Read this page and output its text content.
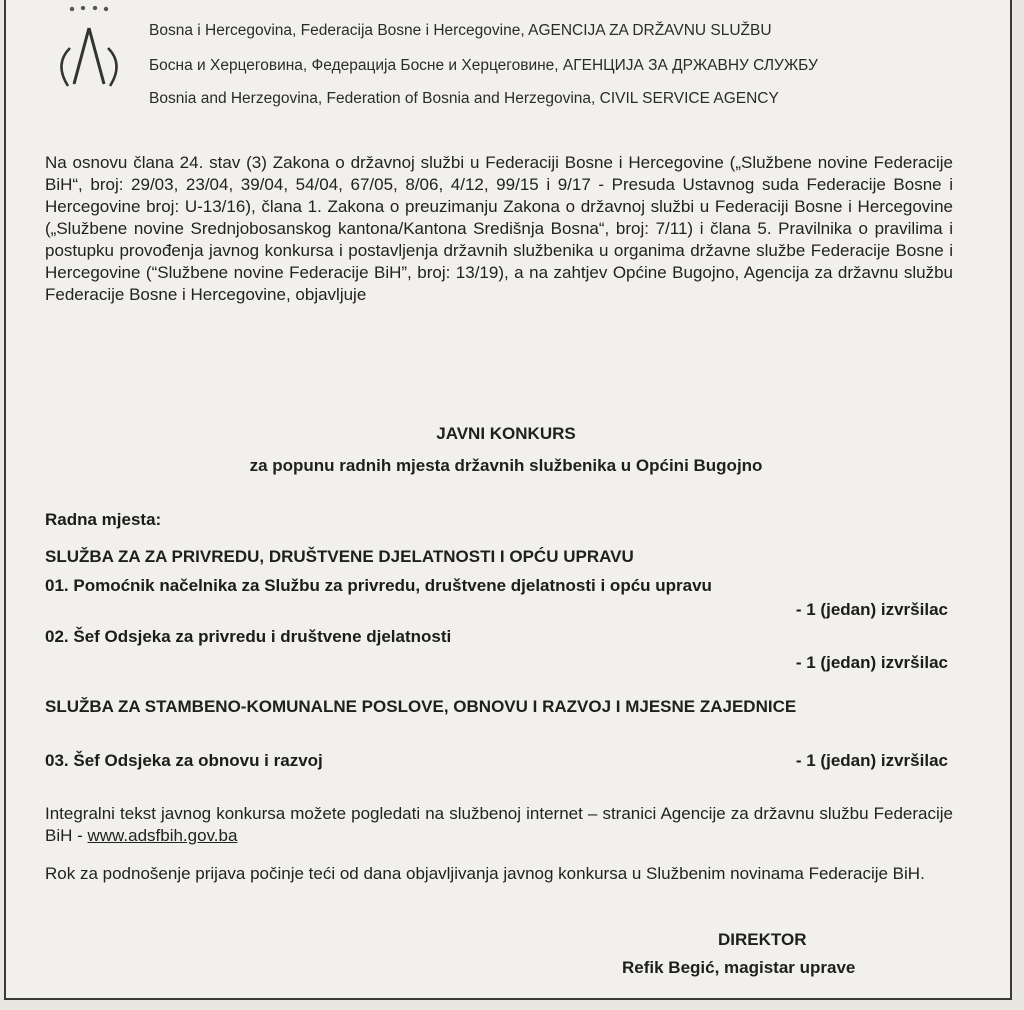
Bosna i Hercegovina, Federacija Bosne i Hercegovine, AGENCIJA ZA DRŽAVNU SLUŽBU
Босна и Херцеговина, Федерација Босне и Херцеговине, АГЕНЦИЈА ЗА ДРЖАВНУ СЛУЖБУ
Bosnia and Herzegovina, Federation of Bosnia and Herzegovina, CIVIL SERVICE AGENCY
Na osnovu člana 24. stav (3) Zakona o državnoj službi u Federaciji Bosne i Hercegovine („Službene novine Federacije BiH“, broj: 29/03, 23/04, 39/04, 54/04, 67/05, 8/06, 4/12, 99/15 i 9/17 - Presuda Ustavnog suda Federacije Bosne i Hercegovine broj: U-13/16), člana 1. Zakona o preuzimanju Zakona o državnoj službi u Federaciji Bosne i Hercegovine („Službene novine Srednjobosanskog kantona/Kantona Središnja Bosna“, broj: 7/11) i člana 5. Pravilnika o pravilima i postupku provođenja javnog konkursa i postavljenja državnih službenika u organima državne službe Federacije Bosne i Hercegovine (“Službene novine Federacije BiH”, broj: 13/19), a na zahtjev Općine Bugojno, Agencija za državnu službu Federacije Bosne i Hercegovine, objavljuje
JAVNI KONKURS
za popunu radnih mjesta državnih službenika u Općini Bugojno
Radna mjesta:
SLUŽBA ZA ZA PRIVREDU, DRUŠTVENE DJELATNOSTI I OPĆU UPRAVU
01. Pomoćnik načelnika za Službu za privredu, društvene djelatnosti i opću upravu
- 1 (jedan) izvršilac
02. Šef Odsjeka za privredu i društvene djelatnosti
- 1 (jedan) izvršilac
SLUŽBA ZA STAMBENO-KOMUNALNE POSLOVE, OBNOVU I RAZVOJ I MJESNE ZAJEDNICE
03. Šef Odsjeka za obnovu i razvoj	- 1 (jedan) izvršilac
Integralni tekst javnog konkursa možete pogledati na službenoj internet – stranici Agencije za državnu službu Federacije BiH - www.adsfbih.gov.ba
Rok za podnošenje prijava počinje teći od dana objavljivanja javnog konkursa u Službenim novinama Federacije BiH.
DIREKTOR
Refik Begić, magistar uprave
